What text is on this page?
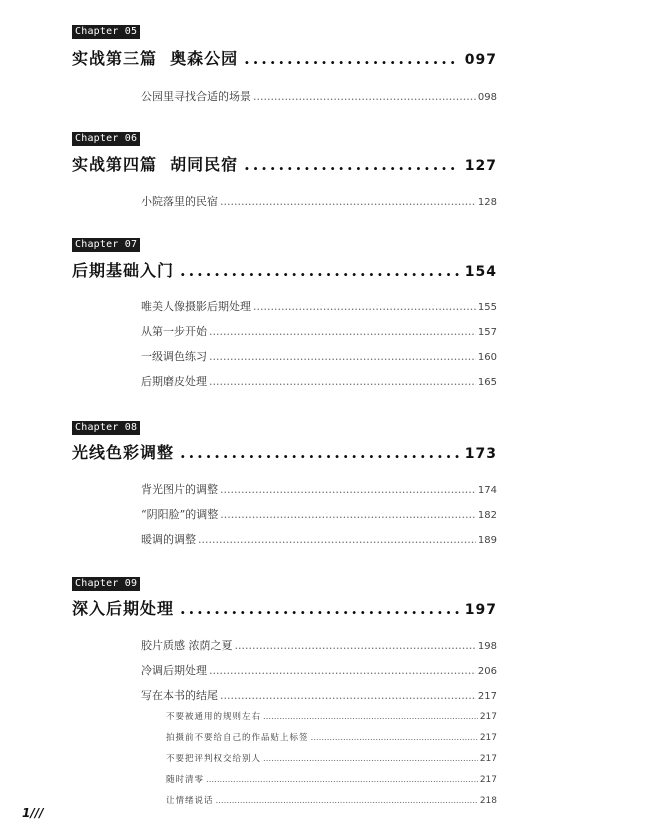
Chapter 05
实战第三篇  奥森公园 .....	097
公园里寻找合适的场景 .....	098
Chapter 06
实战第四篇  胡同民宿 .....	127
小院落里的民宿 .....	128
Chapter 07
后期基础入门 .....	154
唯美人像摄影后期处理 .....	155
从第一步开始 .....	157
一级调色练习 .....	160
后期磨皮处理 .....	165
Chapter 08
光线色彩调整 .....	173
背光图片的调整 .....	174
“阴阳脸”的调整 .....	182
暖调的调整 .....	189
Chapter 09
深入后期处理 .....	197
胶片质感 浓荫之夏 .....	198
冷调后期处理 .....	206
写在本书的结尾 .....	217
不要被通用的规则左右 .....	217
拍摄前不要给自己的作品贴上标签 .....	217
不要把评判权交给别人 .....	217
随时清零 .....	217
让情绪说话 .....	218
1///
